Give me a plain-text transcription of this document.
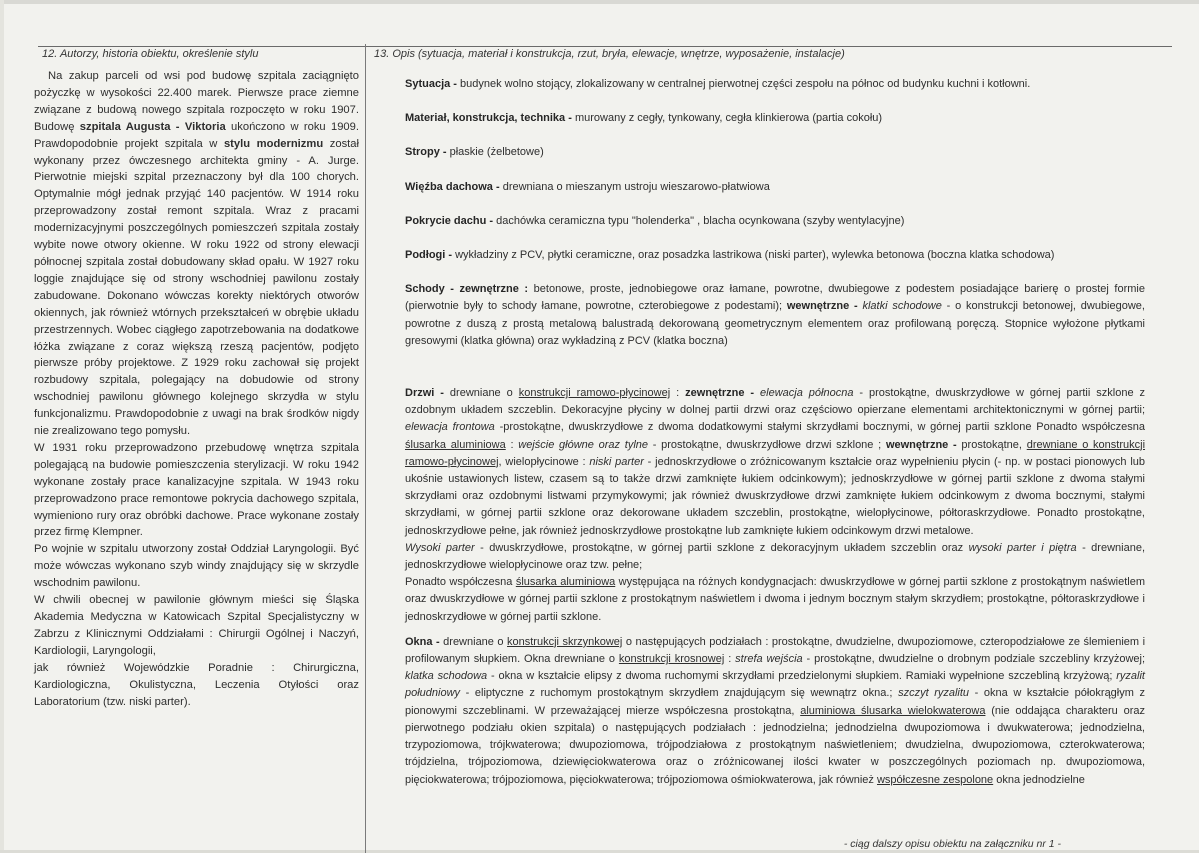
12. Autorzy, historia obiektu, określenie stylu	13. Opis (sytuacja, materiał i konstrukcja, rzut, bryła, elewacje, wnętrze, wyposażenie, instalacje)

Na zakup parceli od wsi pod budowę szpitala zaciągnięto pożyczkę w wysokości 22.400 marek. Pierwsze prace ziemne związane z budową nowego szpitala rozpoczęto w roku 1907. Budowę szpitala Augusta - Viktoria ukończono w roku 1909. Prawdopodobnie projekt szpitala w stylu modernizmu został wykonany przez ówczesnego architekta gminy - A. Jurge. Pierwotnie miejski szpital przeznaczony był dla 100 chorych. Optymalnie mógł jednak przyjąć 140 pacjentów. W 1914 roku przeprowadzony został remont szpitala. Wraz z pracami modernizacyjnymi poszczególnych pomieszczeń szpitala zostały wybite nowe otwory okienne. W roku 1922 od strony elewacji północnej szpitala został dobudowany skład opału. W 1927 roku loggie znajdujące się od strony wschodniej pawilonu zostały zabudowane. Dokonano wówczas korekty niektórych otworów okiennych, jak również wtórnych przekształceń w obrębie układu przestrzennych. Wobec ciągłego zapotrzebowania na dodatkowe łóżka związane z coraz większą rzeszą pacjentów, podjęto pierwsze próby projektowe. Z 1929 roku zachował się projekt rozbudowy szpitala, polegający na dobudowie od strony wschodniej pawilonu głównego kolejnego skrzydła w stylu funkcjonalizmu. Prawdopodobnie z uwagi na brak środków nigdy nie zrealizowano tego pomysłu.

W 1931 roku przeprowadzono przebudowę wnętrza szpitala polegającą na budowie pomieszczenia sterylizacji. W roku 1942 wykonane zostały prace kanalizacyjne szpitala. W 1943 roku przeprowadzono prace remontowe pokrycia dachowego szpitala, wymieniono rury oraz obróbki dachowe. Prace wykonane zostały przez firmę Klempner.

Po wojnie w szpitalu utworzony został Oddział Laryngologii. Być może wówczas wykonano szyb windy znajdujący się w skrzydle wschodnim pawilonu.

W chwili obecnej w pawilonie głównym mieści się Śląska Akademia Medyczna w Katowicach Szpital Specjalistyczny w Zabrzu z Klinicznymi Oddziałami : Chirurgii Ogólnej i Naczyń, Kardiologii, Laryngologii,

jak również Wojewódzkie Poradnie : Chirurgiczna, Kardiologiczna, Okulistyczna, Leczenia Otyłości oraz Laboratorium (tzw. niski parter).

Sytuacja - budynek wolno stojący, zlokalizowany w centralnej pierwotnej części zespołu na północ od budynku kuchni i kotłowni.
Materiał, konstrukcja, technika - murowany z cegły, tynkowany, cegła klinkierowa (partia cokołu)
Stropy - płaskie (żelbetowe)
Więźba dachowa - drewniana o mieszanym ustroju wieszarowo-płatwiowa
Pokrycie dachu - dachówka ceramiczna typu "holenderka" , blacha ocynkowana (szyby wentylacyjne)
Podłogi - wykładziny z PCV, płytki ceramiczne, oraz posadzka lastrikowa (niski parter), wylewka betonowa (boczna klatka schodowa)
Schody - zewnętrzne : betonowe, proste, jednobiegowe oraz łamane, powrotne, dwubiegowe z podestem posiadające barierę o prostej formie (pierwotnie były to schody łamane, powrotne, czterobiegowe z podestami); wewnętrzne - klatki schodowe - o konstrukcji betonowej, dwubiegowe, powrotne z duszą z prostą metalową balustradą dekorowaną geometrycznym elementem oraz profilowaną poręczą. Stopnice wyłożone płytkami gresowymi (klatka główna) oraz wykładziną z PCV (klatka boczna)
Drzwi - drewniane o konstrukcji ramowo-płycinowej : zewnętrzne - elewacja północna - prostokątne, dwuskrzydłowe w górnej partii szklone z ozdobnym układem szczeblin. Dekoracyjne płyciny w dolnej partii drzwi oraz częściowo opierzane elementami architektonicznymi w górnej partii; elewacja frontowa -prostokątne, dwuskrzydłowe z dwoma dodatkowymi stałymi skrzydłami bocznymi, w górnej partii szklone Ponadto współczesna ślusarka aluminiowa : wejście główne oraz tylne - prostokątne, dwuskrzydłowe drzwi szklone ; wewnętrzne - prostokątne, drewniane o konstrukcji ramowo-płycinowej, wielopłycinowe : niski parter - jednoskrzydłowe o zróżnicowanym kształcie oraz wypełnieniu płycin (- np. w postaci pionowych lub ukośnie ustawionych listew, czasem są to także drzwi zamknięte łukiem odcinkowym); jednoskrzydłowe w górnej partii szklone z dwoma stałymi skrzydłami oraz ozdobnymi listwami przymykowymi; jak również dwuskrzydłowe drzwi zamknięte łukiem odcinkowym z dwoma bocznymi, stałymi skrzydłami, w górnej partii szklone oraz dekorowane układem szczeblin, prostokątne, wielopłycinowe, półtoraskrzydłowe. Ponadto prostokątne, jednoskrzydłowe pełne, jak również jednoskrzydłowe prostokątne lub zamknięte łukiem odcinkowym drzwi metalowe.
Wysoki parter - dwuskrzydłowe, prostokątne, w górnej partii szklone z dekoracyjnym układem szczeblin oraz wysoki parter i piętra - drewniane, jednoskrzydłowe wielopłycinowe oraz tzw. pełne;
Ponadto współczesna ślusarka aluminiowa występująca na różnych kondygnacjach: dwuskrzydłowe w górnej partii szklone z prostokątnym naświetlem oraz dwuskrzydłowe w górnej partii szklone z prostokątnym naświetlem i dwoma i jednym bocznym stałym skrzydłem; prostokątne, półtoraskrzydłowe i jednoskrzydłowe w górnej partii szklone.
Okna - drewniane o konstrukcji skrzynkowej o następujących podziałach : prostokątne, dwudzielne, dwupoziomowe, czteropodziałowe ze ślemieniem i profilowanym słupkiem. Okna drewniane o konstrukcji krosnowej : strefa wejścia - prostokątne, dwudzielne o drobnym podziale szczebliny krzyżowej; klatka schodowa - okna w kształcie elipsy z dwoma ruchomymi skrzydłami przedzielonymi słupkiem. Ramiaki wypełnione szczebliną krzyżową; ryzalit południowy - eliptyczne z ruchomym prostokątnym skrzydłem znajdującym się wewnątrz okna.; szczyt ryzalitu - okna w kształcie półokrągłym z pionowymi szczeblinami. W przeważającej mierze współczesna prostokątna, aluminiowa ślusarka wielokwaterowa (nie oddająca charakteru oraz pierwotnego podziału okien szpitala) o następujących podziałach : jednodzielna; jednodzielna dwupoziomowa i dwukwaterowa; jednodzielna, trzypoziomowa, trójkwaterowa; dwupoziomowa, trójpodziałowa z prostokątnym naświetleniem; dwudzielna, dwupoziomowa, czterokwaterowa; trójdzielna, trójpoziomowa, dziewięciokwaterowa oraz o zróżnicowanej ilości kwater w poszczególnych poziomach np. dwupoziomowa, pięciokwaterowa; trójpoziomowa, pięciokwaterowa; trójpoziomowa ośmiokwaterowa, jak również współczesne zespolone okna jednodzielne
- ciąg dalszy opisu obiektu na załączniku nr 1 -
